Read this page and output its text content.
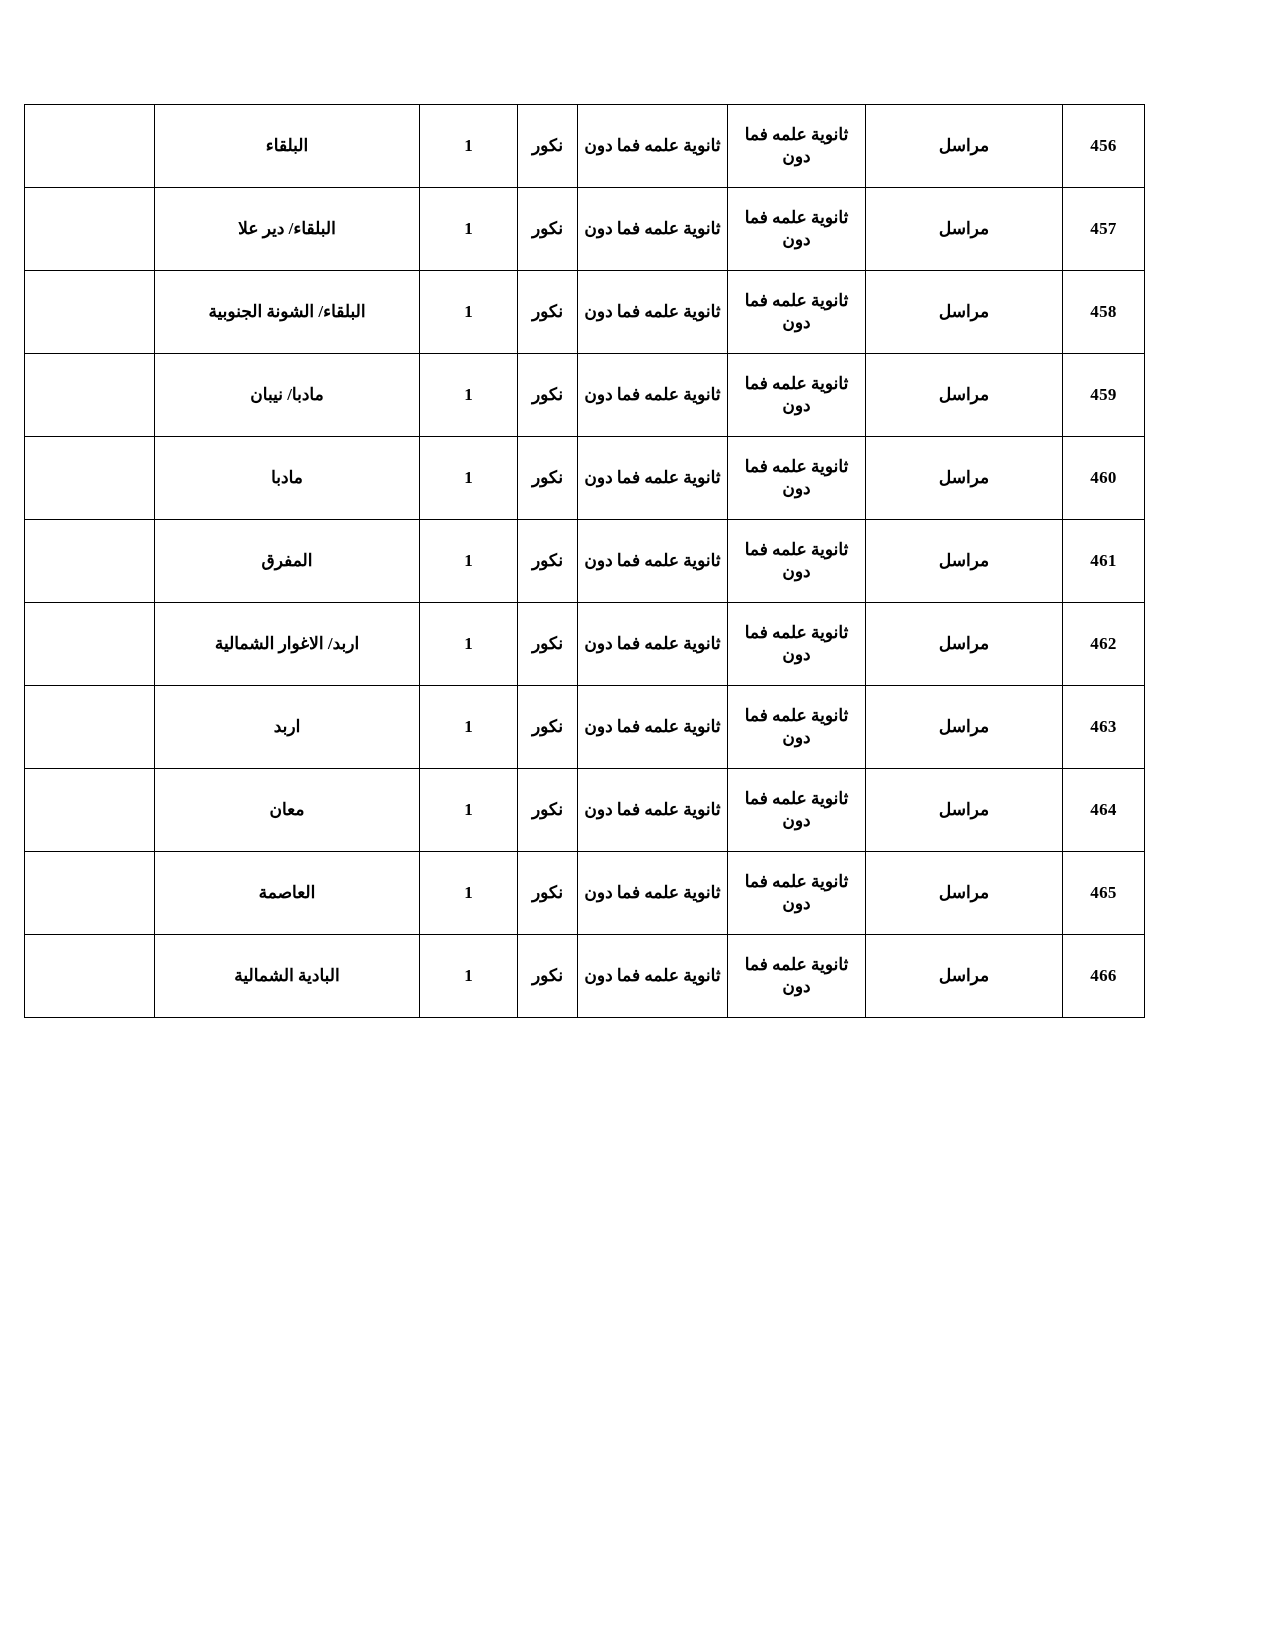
456	مراسل	ثانوية علمه فما دون	ثانوية علمه فما دون	نكور	1	البلقاء	
457	مراسل	ثانوية علمه فما دون	ثانوية علمه فما دون	نكور	1	البلقاء/ دير علا	
458	مراسل	ثانوية علمه فما دون	ثانوية علمه فما دون	نكور	1	البلقاء/ الشونة الجنوبية	
459	مراسل	ثانوية علمه فما دون	ثانوية علمه فما دون	نكور	1	مادبا/ نيبان	
460	مراسل	ثانوية علمه فما دون	ثانوية علمه فما دون	نكور	1	مادبا	
461	مراسل	ثانوية علمه فما دون	ثانوية علمه فما دون	نكور	1	المفرق	
462	مراسل	ثانوية علمه فما دون	ثانوية علمه فما دون	نكور	1	اربد/ الاغوار الشمالية	
463	مراسل	ثانوية علمه فما دون	ثانوية علمه فما دون	نكور	1	اربد	
464	مراسل	ثانوية علمه فما دون	ثانوية علمه فما دون	نكور	1	معان	
465	مراسل	ثانوية علمه فما دون	ثانوية علمه فما دون	نكور	1	العاصمة	
466	مراسل	ثانوية علمه فما دون	ثانوية علمه فما دون	نكور	1	البادية الشمالية	
